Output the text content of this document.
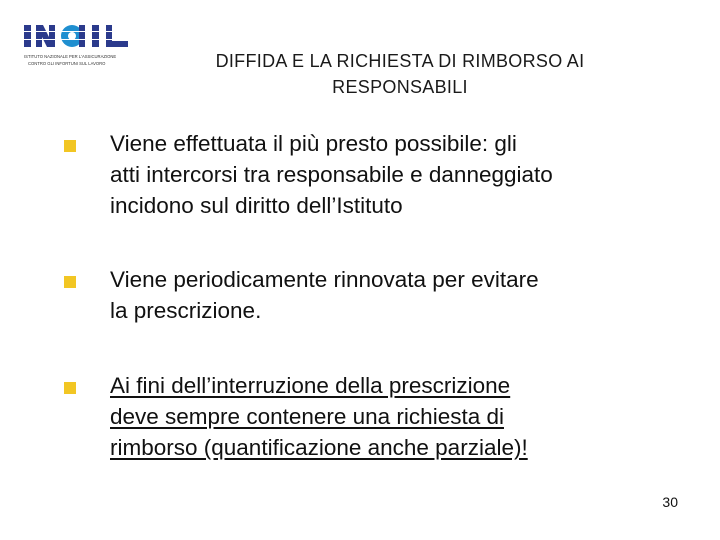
ISTITUTO NAZIONALE PER L'ASSICURAZIONE
CONTRO GLI INFORTUNI SUL LAVORO	DIFFIDA E LA RICHIESTA DI RIMBORSO AI
RESPONSABILI
Viene effettuata il più presto possibile: gli
atti intercorsi tra responsabile e danneggiato
incidono sul diritto dell’Istituto
Viene periodicamente rinnovata per evitare
la prescrizione.
Ai fini dell’interruzione della prescrizione
deve sempre contenere una richiesta di
rimborso (quantificazione anche parziale)!
30
